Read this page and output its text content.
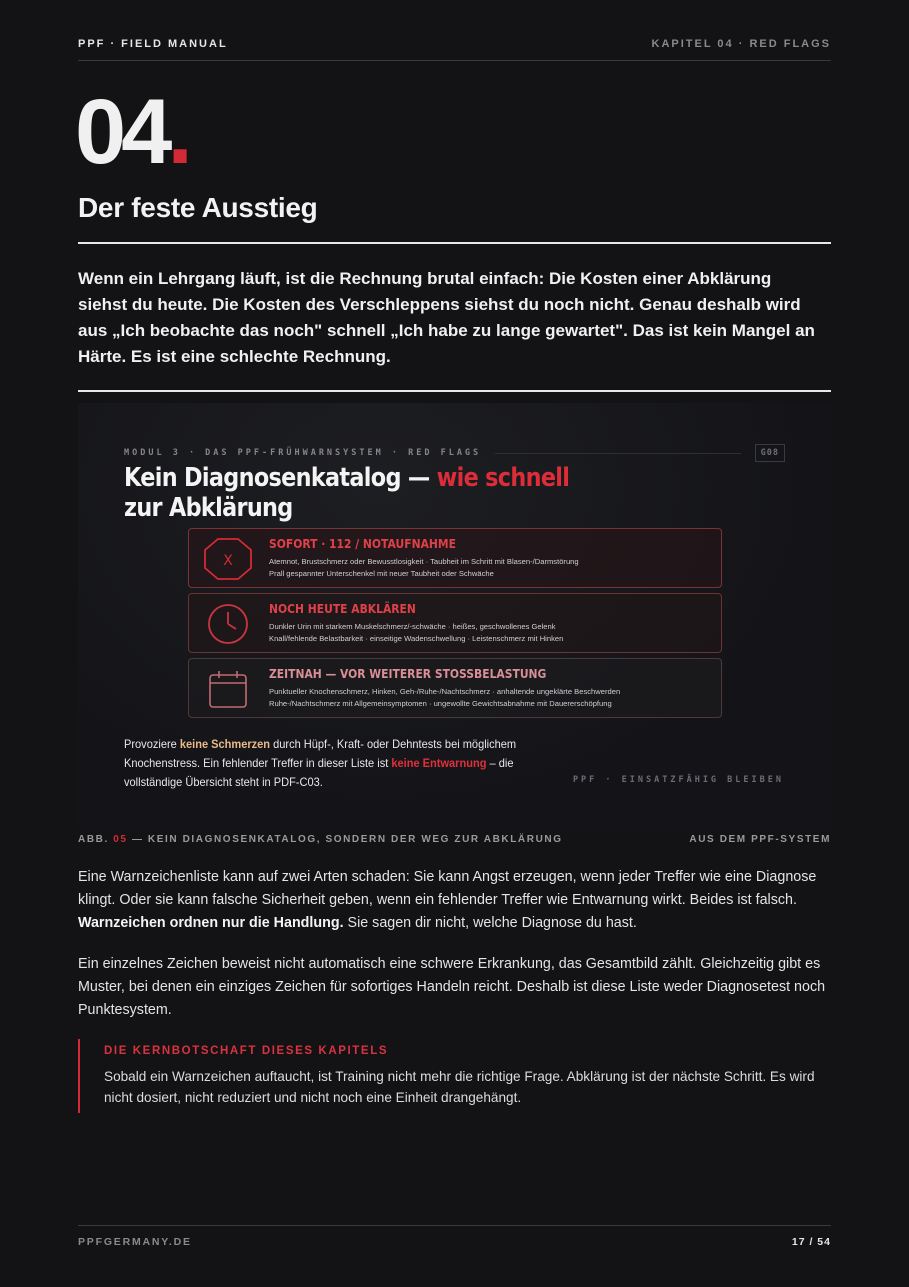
PPF · FIELD MANUAL	KAPITEL 04 · RED FLAGS
04.
Der feste Ausstieg

Wenn ein Lehrgang läuft, ist die Rechnung brutal einfach: Die Kosten einer Abklärung siehst du heute. Die Kosten des Verschleppens siehst du noch nicht. Genau deshalb wird aus „Ich beobachte das noch" schnell „Ich habe zu lange gewartet". Das ist kein Mangel an Härte. Es ist eine schlechte Rechnung.

MODUL 3 · DAS PPF-FRÜHWARNSYSTEM · RED FLAGS	G08
Kein Diagnosenkatalog — wie schnell zur Abklärung
X
SOFORT · 112 / NOTAUFNAHME
Atemnot, Brustschmerz oder Bewusstlosigkeit · Taubheit im Schritt mit Blasen-/Darmstörung
Prall gespannter Unterschenkel mit neuer Taubheit oder Schwäche
NOCH HEUTE ABKLÄREN
Dunkler Urin mit starkem Muskelschmerz/-schwäche · heißes, geschwollenes Gelenk
Knall/fehlende Belastbarkeit · einseitige Wadenschwellung · Leistenschmerz mit Hinken
ZEITNAH — VOR WEITERER STOSSBELASTUNG
Punktueller Knochenschmerz, Hinken, Geh-/Ruhe-/Nachtschmerz · anhaltende ungeklärte Beschwerden
Ruhe-/Nachtschmerz mit Allgemeinsymptomen · ungewollte Gewichtsabnahme mit Dauererschöpfung

Provoziere keine Schmerzen durch Hüpf-, Kraft- oder Dehntests bei möglichem Knochenstress. Ein fehlender Treffer in dieser Liste ist keine Entwarnung – die vollständige Übersicht steht in PDF-C03.	PPF · EINSATZFÄHIG BLEIBEN
ABB. 05 — KEIN DIAGNOSENKATALOG, SONDERN DER WEG ZUR ABKLÄRUNG	AUS DEM PPF-SYSTEM

Eine Warnzeichenliste kann auf zwei Arten schaden: Sie kann Angst erzeugen, wenn jeder Treffer wie eine Diagnose klingt. Oder sie kann falsche Sicherheit geben, wenn ein fehlender Treffer wie Entwarnung wirkt. Beides ist falsch. Warnzeichen ordnen nur die Handlung. Sie sagen dir nicht, welche Diagnose du hast.

Ein einzelnes Zeichen beweist nicht automatisch eine schwere Erkrankung, das Gesamtbild zählt. Gleichzeitig gibt es Muster, bei denen ein einziges Zeichen für sofortiges Handeln reicht. Deshalb ist diese Liste weder Diagnosetest noch Punktesystem.

DIE KERNBOTSCHAFT DIESES KAPITELS
Sobald ein Warnzeichen auftaucht, ist Training nicht mehr die richtige Frage. Abklärung ist der nächste Schritt. Es wird nicht dosiert, nicht reduziert und nicht noch eine Einheit drangehängt.
PPFGERMANY.DE	17 / 54
